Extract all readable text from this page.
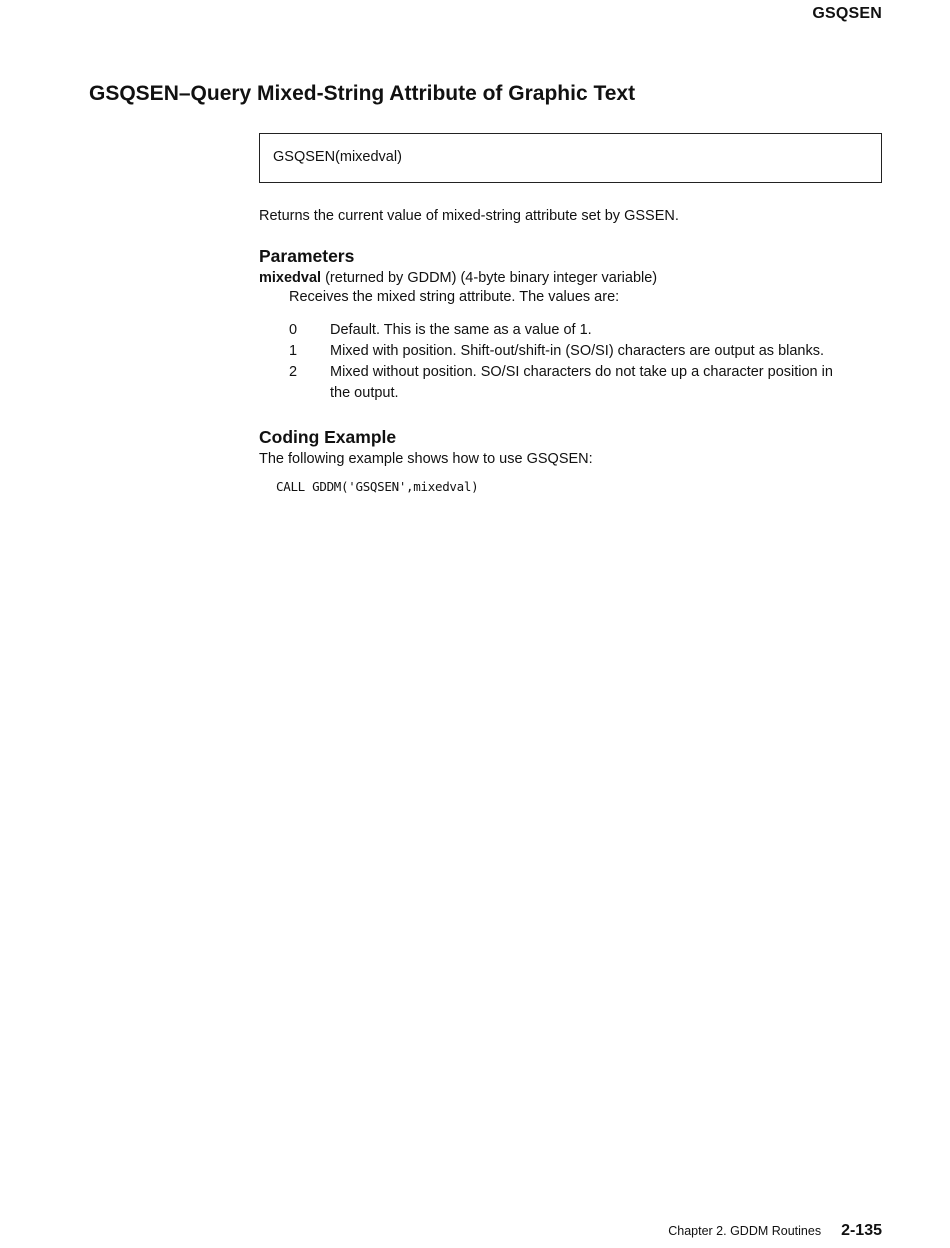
GSQSEN
GSQSEN–Query Mixed-String Attribute of Graphic Text
GSQSEN(mixedval)

Returns the current value of mixed-string attribute set by GSSEN.

Parameters

mixedval (returned by GDDM) (4-byte binary integer variable)

Receives the mixed string attribute. The values are:

0	Default. This is the same as a value of 1.
1	Mixed with position. Shift-out/shift-in (SO/SI) characters are output as blanks.
2	Mixed without position. SO/SI characters do not take up a character position in the output.
Coding Example

The following example shows how to use GSQSEN:

CALL GDDM('GSQSEN',mixedval)
Chapter 2. GDDM Routines 2-135
